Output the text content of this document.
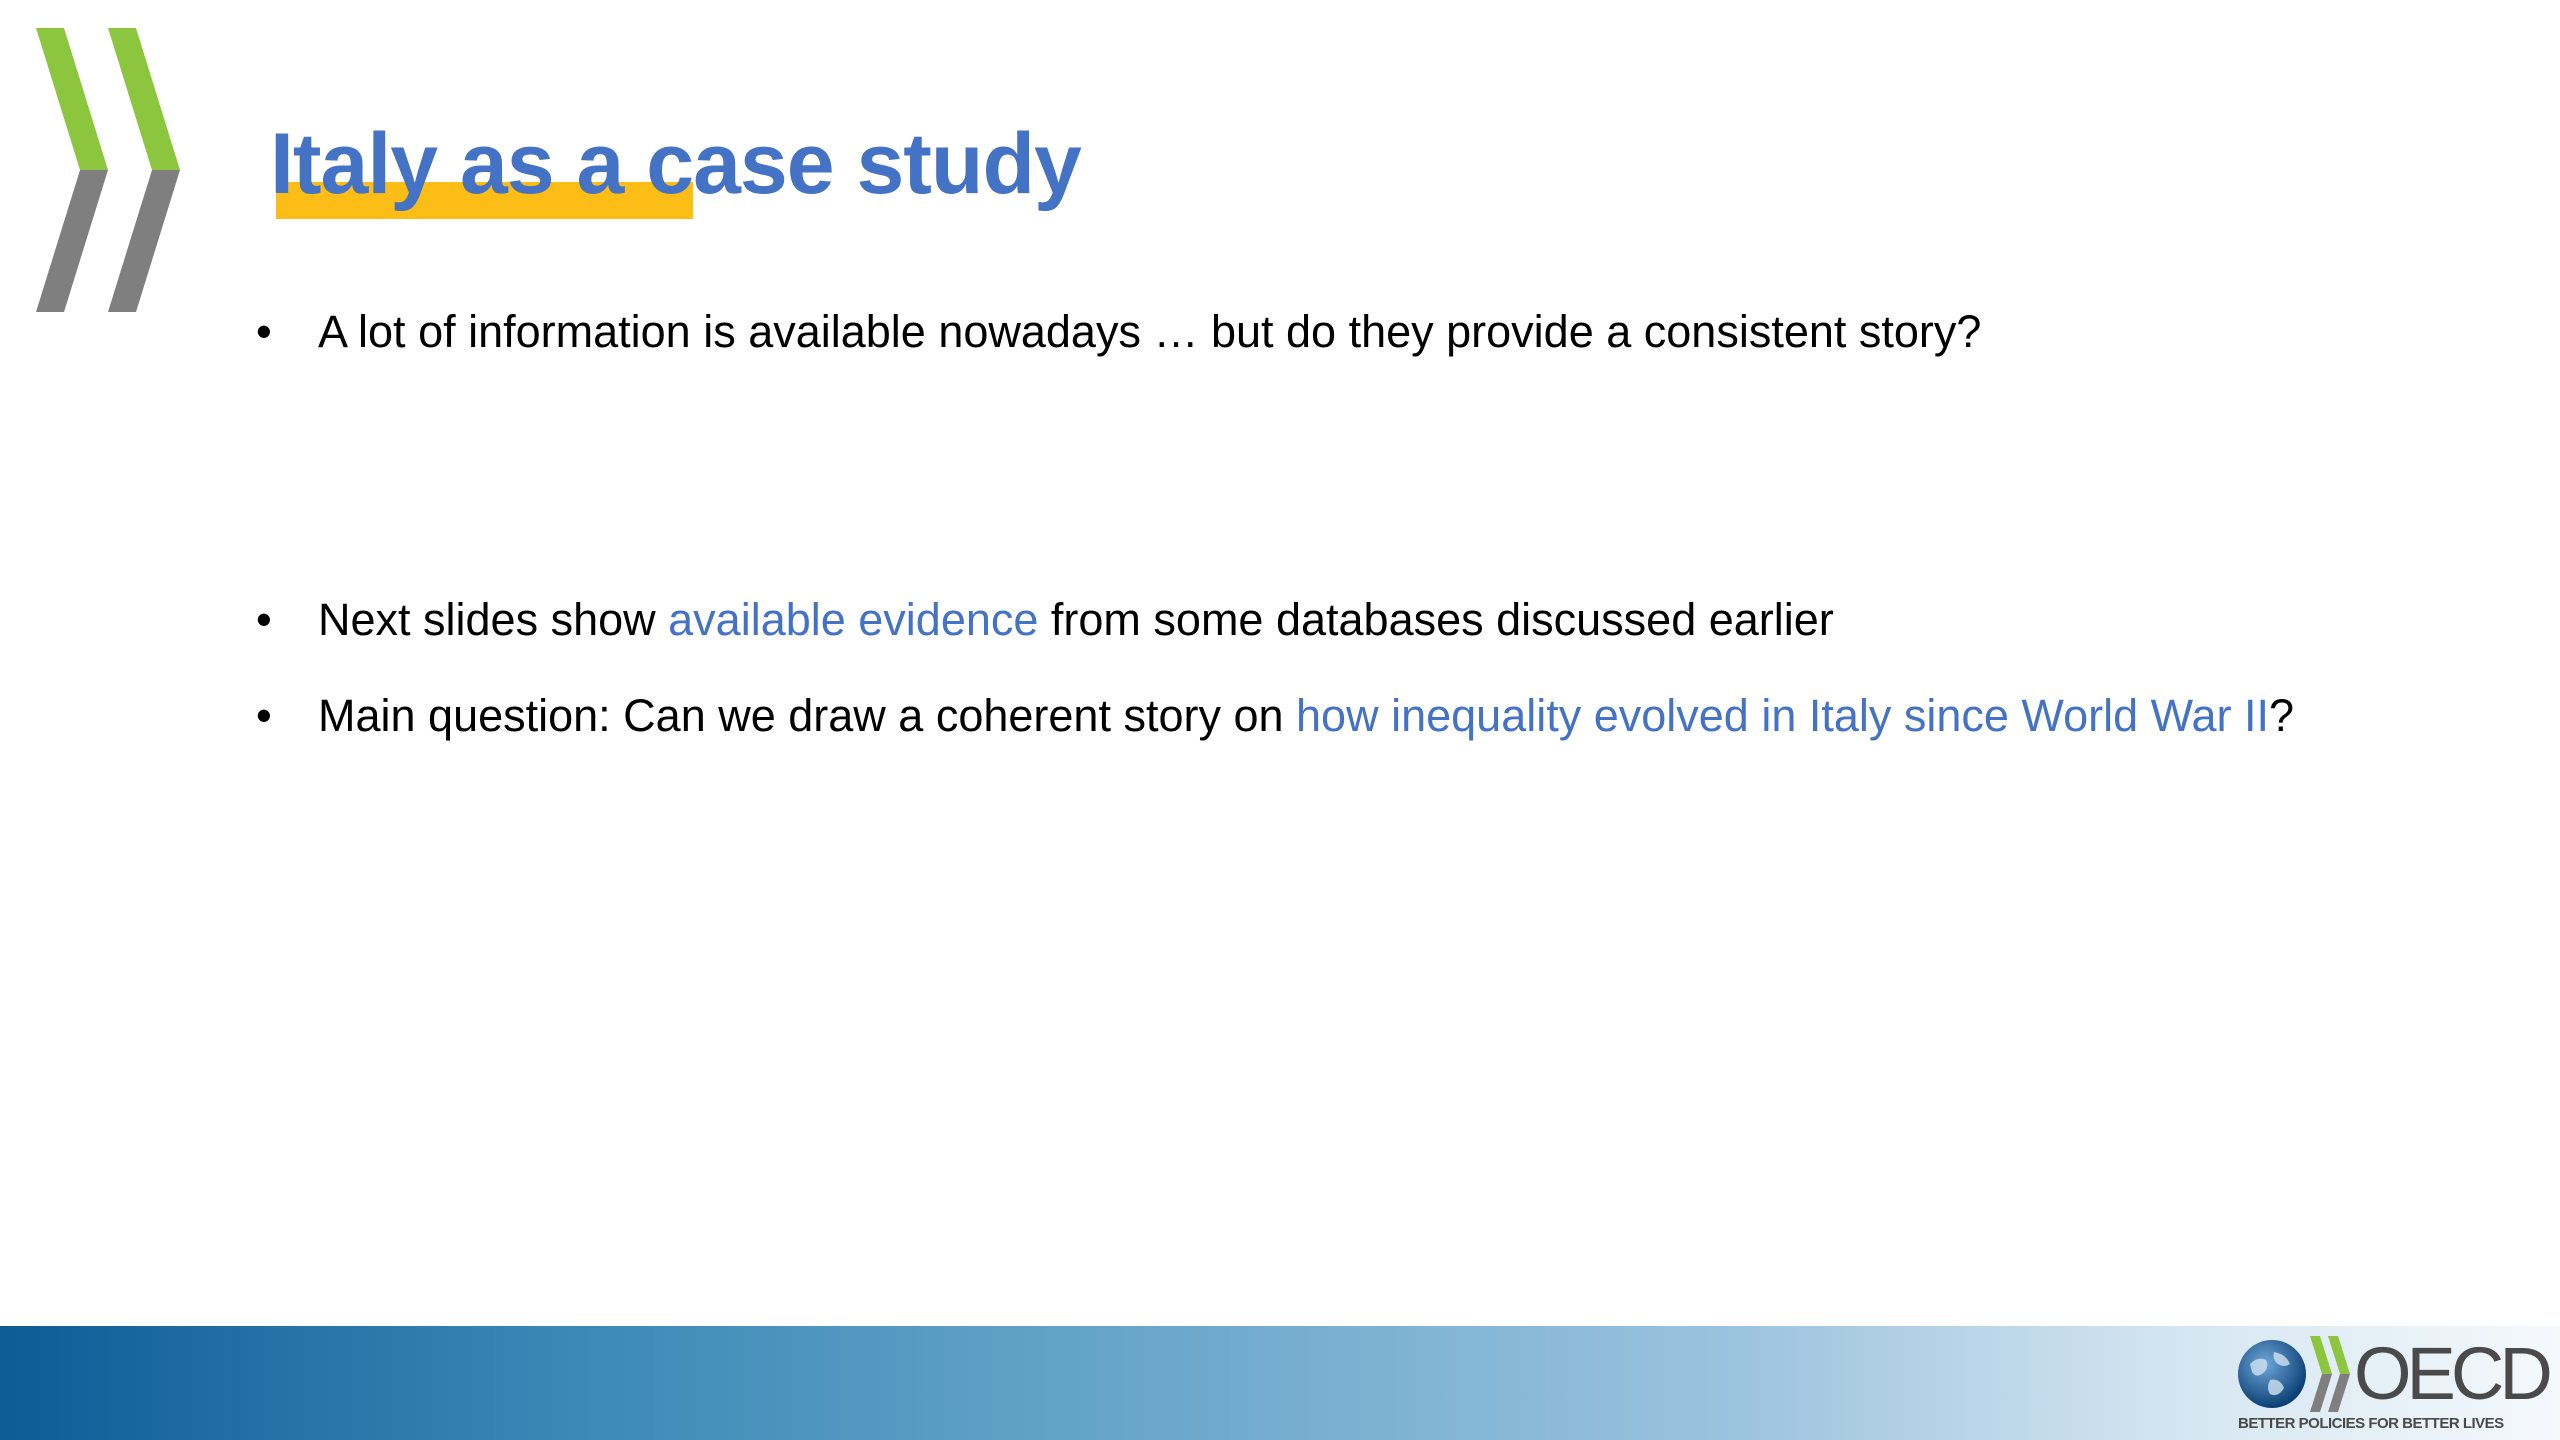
Italy as a case study
• A lot of information is available nowadays … but do they provide a consistent story?
• Next slides show available evidence from some databases discussed earlier
• Main question: Can we draw a coherent story on how inequality evolved in Italy since World War II?
OECD
BETTER POLICIES FOR BETTER LIVES
